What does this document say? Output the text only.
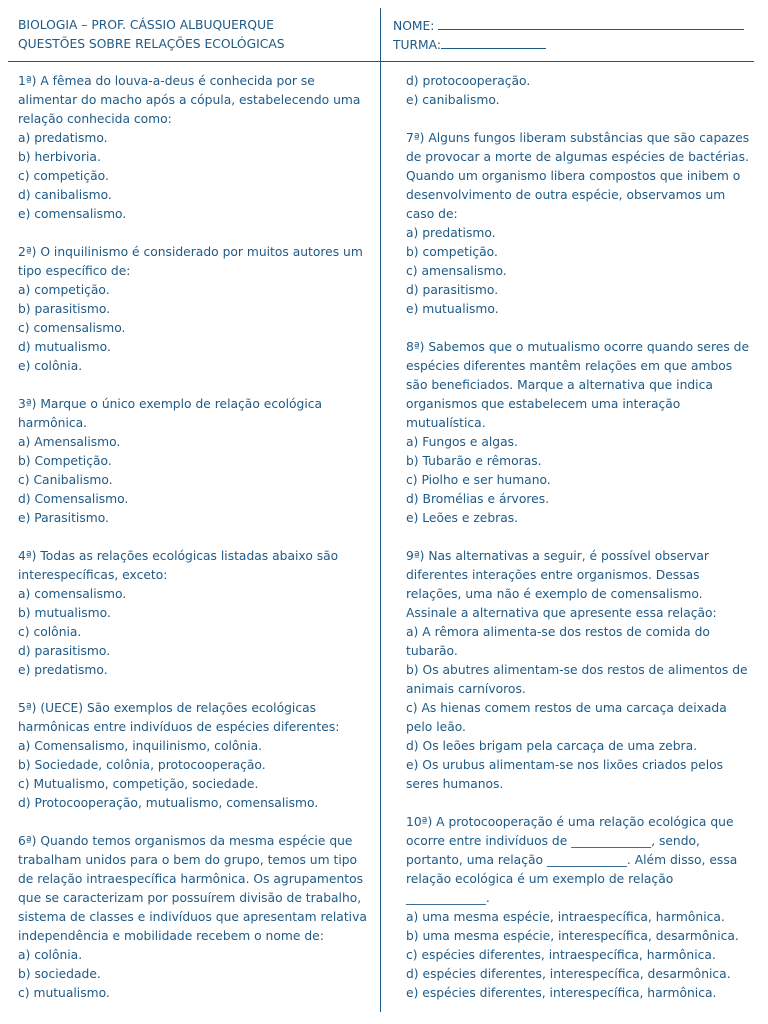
BIOLOGIA – PROF. CÁSSIO ALBUQUERQUE
QUESTÕES SOBRE RELAÇÕES ECOLÓGICAS
NOME:
TURMA:
1ª) A fêmea do louva-a-deus é conhecida por se alimentar do macho após a cópula, estabelecendo uma relação conhecida como:
a) predatismo.
b) herbivoria.
c) competição.
d) canibalismo.
e) comensalismo.
2ª) O inquilinismo é considerado por muitos autores um tipo específico de:
a) competição.
b) parasitismo.
c) comensalismo.
d) mutualismo.
e) colônia.
3ª) Marque o único exemplo de relação ecológica harmônica.
a) Amensalismo.
b) Competição.
c) Canibalismo.
d) Comensalismo.
e) Parasitismo.
4ª) Todas as relações ecológicas listadas abaixo são interespecíficas, exceto:
a) comensalismo.
b) mutualismo.
c) colônia.
d) parasitismo.
e) predatismo.
5ª) (UECE) São exemplos de relações ecológicas harmônicas entre indivíduos de espécies diferentes:
a) Comensalismo, inquilinismo, colônia.
b) Sociedade, colônia, protocooperação.
c) Mutualismo, competição, sociedade.
d) Protocooperação, mutualismo, comensalismo.
6ª) Quando temos organismos da mesma espécie que trabalham unidos para o bem do grupo, temos um tipo de relação intraespecífica harmônica. Os agrupamentos que se caracterizam por possuírem divisão de trabalho, sistema de classes e indivíduos que apresentam relativa independência e mobilidade recebem o nome de:
a) colônia.
b) sociedade.
c) mutualismo.
d) protocooperação.
e) canibalismo.
7ª) Alguns fungos liberam substâncias que são capazes de provocar a morte de algumas espécies de bactérias. Quando um organismo libera compostos que inibem o desenvolvimento de outra espécie, observamos um caso de:
a) predatismo.
b) competição.
c) amensalismo.
d) parasitismo.
e) mutualismo.
8ª) Sabemos que o mutualismo ocorre quando seres de espécies diferentes mantêm relações em que ambos são beneficiados. Marque a alternativa que indica organismos que estabelecem uma interação mutualística.
a) Fungos e algas.
b) Tubarão e rêmoras.
c) Piolho e ser humano.
d) Bromélias e árvores.
e) Leões e zebras.
9ª) Nas alternativas a seguir, é possível observar diferentes interações entre organismos. Dessas relações, uma não é exemplo de comensalismo. Assinale a alternativa que apresente essa relação:
a) A rêmora alimenta-se dos restos de comida do tubarão.
b) Os abutres alimentam-se dos restos de alimentos de animais carnívoros.
c) As hienas comem restos de uma carcaça deixada pelo leão.
d) Os leões brigam pela carcaça de uma zebra.
e) Os urubus alimentam-se nos lixões criados pelos seres humanos.
10ª) A protocooperação é uma relação ecológica que ocorre entre indivíduos de _____________, sendo, portanto, uma relação _____________. Além disso, essa relação ecológica é um exemplo de relação _____________.
a) uma mesma espécie, intraespecífica, harmônica.
b) uma mesma espécie, interespecífica, desarmônica.
c) espécies diferentes, intraespecífica, harmônica.
d) espécies diferentes, interespecífica, desarmônica.
e) espécies diferentes, interespecífica, harmônica.
